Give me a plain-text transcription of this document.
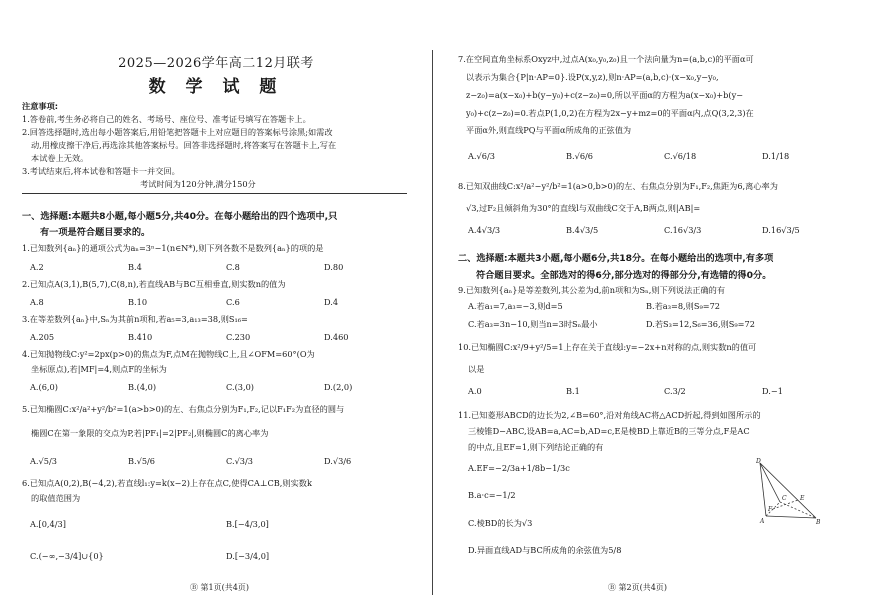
2025—2026学年高二12月联考
数 学 试 题
注意事项:
1.答卷前,考生务必将自己的姓名、考场号、座位号、准考证号填写在答题卡上。
2.回答选择题时,选出每小题答案后,用铅笔把答题卡上对应题目的答案标号涂黑;如需改
动,用橡皮擦干净后,再选涂其他答案标号。回答非选择题时,将答案写在答题卡上,写在
本试卷上无效。
3.考试结束后,将本试卷和答题卡一并交回。
考试时间为120分钟,满分150分
一、选择题:本题共8小题,每小题5分,共40分。在每小题给出的四个选项中,只
有一项是符合题目要求的。
1.已知数列{aₙ}的通项公式为aₙ=3ⁿ−1(n∈N*),则下列各数不是数列{aₙ}的项的是
A.2	B.4	C.8	D.80
2.已知点A(3,1),B(5,7),C(8,n),若直线AB与BC互相垂直,则实数n的值为
A.8	B.10	C.6	D.4
3.在等差数列{aₙ}中,Sₙ为其前n项和,若a₅=3,a₁₃=38,则S₁₆=
A.205	B.410	C.230	D.460
4.已知抛物线C:y²=2px(p>0)的焦点为F,点M在抛物线C上,且∠OFM=60°(O为
坐标原点),若|MF|=4,则点F的坐标为
A.(6,0)	B.(4,0)	C.(3,0)	D.(2,0)
5.已知椭圆C:x²/a²+y²/b²=1(a>b>0)的左、右焦点分别为F₁,F₂,记以F₁F₂为直径的圆与
椭圆C在第一象限的交点为P,若|PF₁|=2|PF₂|,则椭圆C的离心率为
A.√5/3	B.√5/6	C.√3/3	D.√3/6
6.已知点A(0,2),B(−4,2),若直线l₁:y=k(x−2)上存在点C,使得CA⊥CB,则实数k
的取值范围为
A.[0,4/3]	B.[−4/3,0]
C.(−∞,−3/4]∪{0}	D.[−3/4,0]
Ⓑ 第1页(共4页)
7.在空间直角坐标系Oxyz中,过点A(x₀,y₀,z₀)且一个法向量为n=(a,b,c)的平面α可
以表示为集合{P|n·AP=0}.设P(x,y,z),则n·AP=(a,b,c)·(x−x₀,y−y₀,
z−z₀)=a(x−x₀)+b(y−y₀)+c(z−z₀)=0,所以平面α的方程为a(x−x₀)+b(y−
y₀)+c(z−z₀)=0.若点P(1,0,2)在方程为2x−y+mz=0的平面α内,点Q(3,2,3)在
平面α外,则直线PQ与平面α所成角的正弦值为
A.√6/3	B.√6/6	C.√6/18	D.1/18
8.已知双曲线C:x²/a²−y²/b²=1(a>0,b>0)的左、右焦点分别为F₁,F₂,焦距为6,离心率为
√3,过F₂且倾斜角为30°的直线l与双曲线C交于A,B两点,则|AB|=
A.4√3/3	B.4√3/5	C.16√3/3	D.16√3/5
二、选择题:本题共3小题,每小题6分,共18分。在每小题给出的选项中,有多项
符合题目要求。全部选对的得6分,部分选对的得部分分,有选错的得0分。
9.已知数列{aₙ}是等差数列,其公差为d,前n项和为Sₙ,则下列说法正确的有
A.若a₁=7,a₃=−3,则d=5	B.若a₃=8,则S₉=72
C.若a₃=3n−10,则当n=3时Sₙ最小	D.若S₃=12,S₆=36,则S₉=72
10.已知椭圆C:x²/9+y²/5=1上存在关于直线l:y=−2x+n对称的点,则实数n的值可
以是
A.0	B.1	C.3/2	D.−1
11.已知菱形ABCD的边长为2,∠B=60°,沿对角线AC将△ACD折起,得到如图所示的
三棱锥D−ABC,设AB=a,AC=b,AD=c,E是棱BD上靠近B的三等分点,F是AC
的中点,且EF=1,则下列结论正确的有
A.EF=−2/3a+1/8b−1/3c
B.a·c=−1/2
C.棱BD的长为√3
D.异面直线AD与BC所成角的余弦值为5/8
D
C
F
E
A	B
Ⓑ 第2页(共4页)
